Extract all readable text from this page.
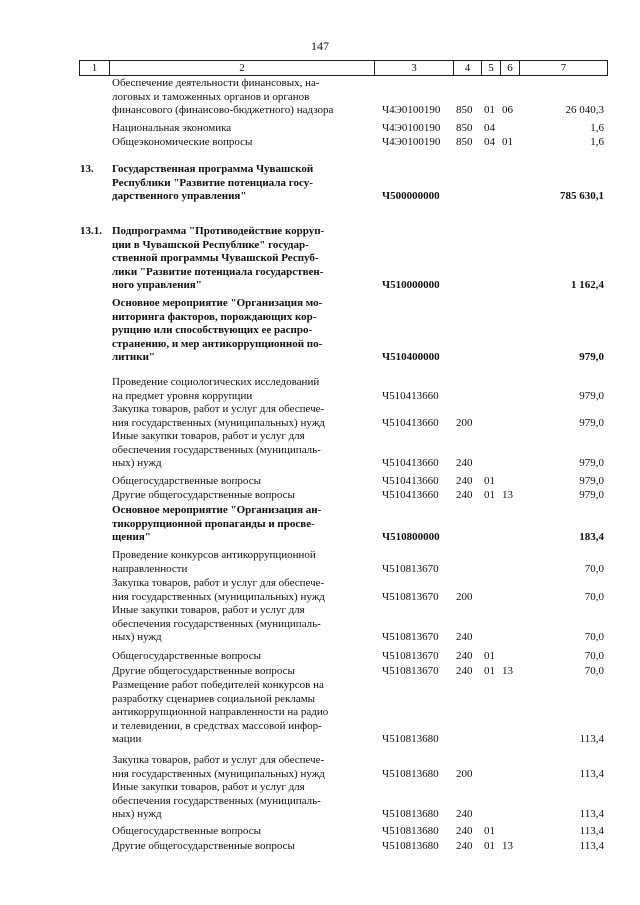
147
1	2	3	4	5	6	7
Обеспечение деятельности финансовых, на-
логовых и таможенных органов и органов
финансового (финансово-бюджетного) надзора	Ч4Э0100190 850 01 06	26 040,3
Национальная экономика	Ч4Э0100190 850 04	1,6
Общеэкономические вопросы	Ч4Э0100190 850 04 01	1,6
13.	Государственная программа Чувашской
Республики "Развитие потенциала госу-
дарственного управления"	Ч500000000	785 630,1
13.1. Подпрограмма "Противодействие корруп-
ции в Чувашской Республике" государ-
ственной программы Чувашской Респуб-
лики "Развитие потенциала государствен-
ного управления"	Ч510000000	1 162,4
Основное мероприятие "Организация мо-
ниторинга факторов, порождающих кор-
рупцию или способствующих ее распро-
странению, и мер антикоррупционной по-
литики"	Ч510400000	979,0
Проведение социологических исследований
на предмет уровня коррупции	Ч510413660	979,0
Закупка товаров, работ и услуг для обеспече-
ния государственных (муниципальных) нужд	Ч510413660 200	979,0
Иные закупки товаров, работ и услуг для
обеспечения государственных (муниципаль-
ных) нужд	Ч510413660 240	979,0
Общегосударственные вопросы	Ч510413660 240 01	979,0
Другие общегосударственные вопросы	Ч510413660 240 01 13	979,0
Основное мероприятие "Организация ан-
тикоррупционной пропаганды и просве-
щения"	Ч510800000	183,4
Проведение конкурсов антикоррупционной
направленности	Ч510813670	70,0
Закупка товаров, работ и услуг для обеспече-
ния государственных (муниципальных) нужд	Ч510813670 200	70,0
Иные закупки товаров, работ и услуг для
обеспечения государственных (муниципаль-
ных) нужд	Ч510813670 240	70,0
Общегосударственные вопросы	Ч510813670 240 01	70,0
Другие общегосударственные вопросы	Ч510813670 240 01 13	70,0
Размещение работ победителей конкурсов на
разработку сценариев социальной рекламы
антикоррупционной направленности на радио
и телевидении, в средствах массовой инфор-
мации	Ч510813680	113,4
Закупка товаров, работ и услуг для обеспече-
ния государственных (муниципальных) нужд	Ч510813680 200	113,4
Иные закупки товаров, работ и услуг для
обеспечения государственных (муниципаль-
ных) нужд	Ч510813680 240	113,4
Общегосударственные вопросы	Ч510813680 240 01	113,4
Другие общегосударственные вопросы	Ч510813680 240 01 13	113,4
